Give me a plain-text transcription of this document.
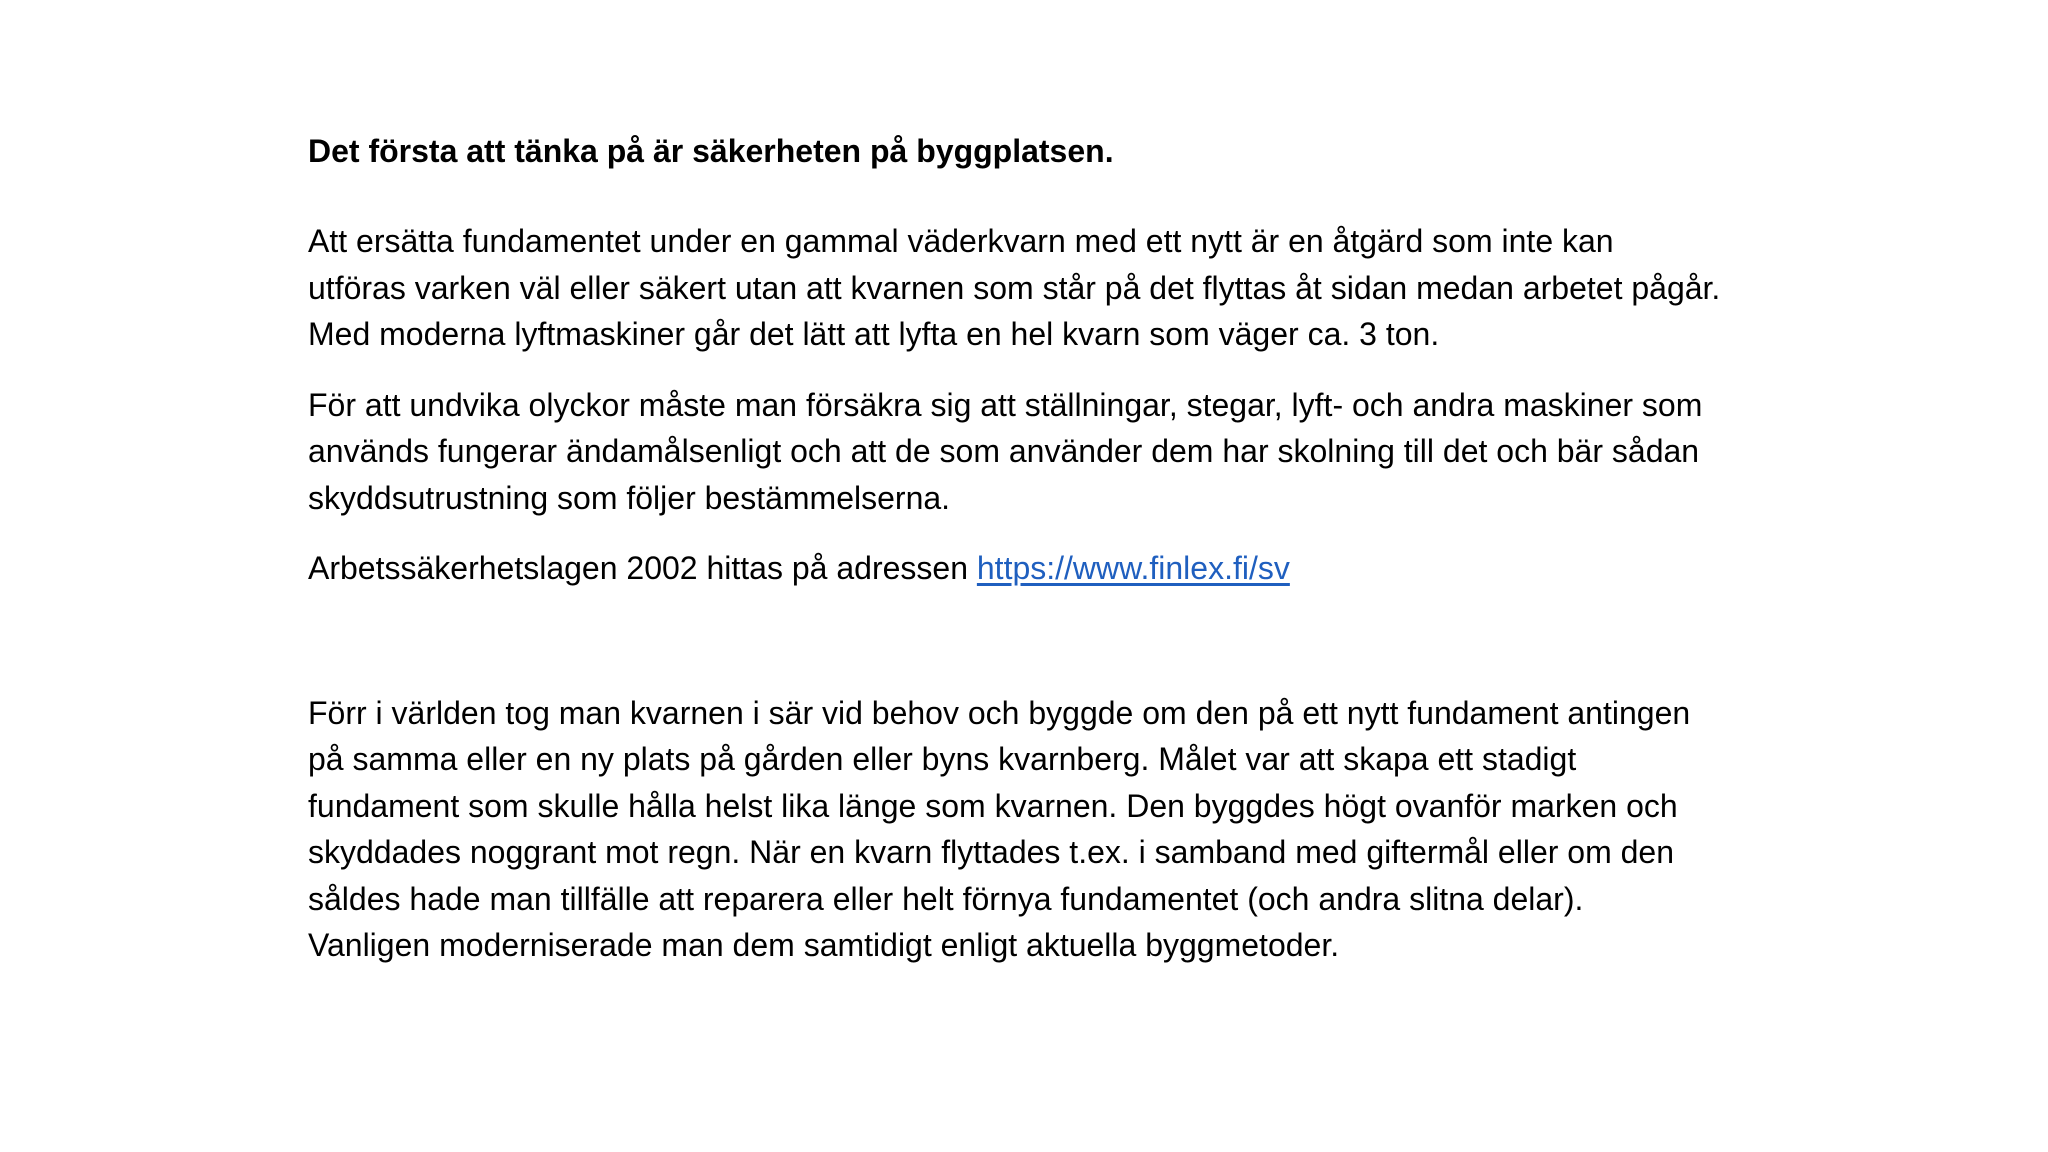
Det första att tänka på är säkerheten på byggplatsen.
Att ersätta fundamentet under en gammal väderkvarn med ett nytt är en åtgärd som inte kan
utföras varken väl eller säkert utan att kvarnen som står på det flyttas åt sidan medan arbetet pågår.
Med moderna lyftmaskiner går det lätt att lyfta en hel kvarn som väger ca. 3 ton.
För att undvika olyckor måste man försäkra sig att ställningar, stegar, lyft- och andra maskiner som
används fungerar ändamålsenligt och att de som använder dem har skolning till det och bär sådan
skyddsutrustning som följer bestämmelserna.
Arbetssäkerhetslagen 2002 hittas på adressen https://www.finlex.fi/sv
Förr i världen tog man kvarnen i sär vid behov och byggde om den på ett nytt fundament antingen
på samma eller en ny plats på gården eller byns kvarnberg. Målet var att skapa ett stadigt
fundament som skulle hålla helst lika länge som kvarnen. Den byggdes högt ovanför marken och
skyddades noggrant mot regn. När en kvarn flyttades t.ex. i samband med giftermål eller om den
såldes hade man tillfälle att reparera eller helt förnya fundamentet (och andra slitna delar).
Vanligen moderniserade man dem samtidigt enligt aktuella byggmetoder.
